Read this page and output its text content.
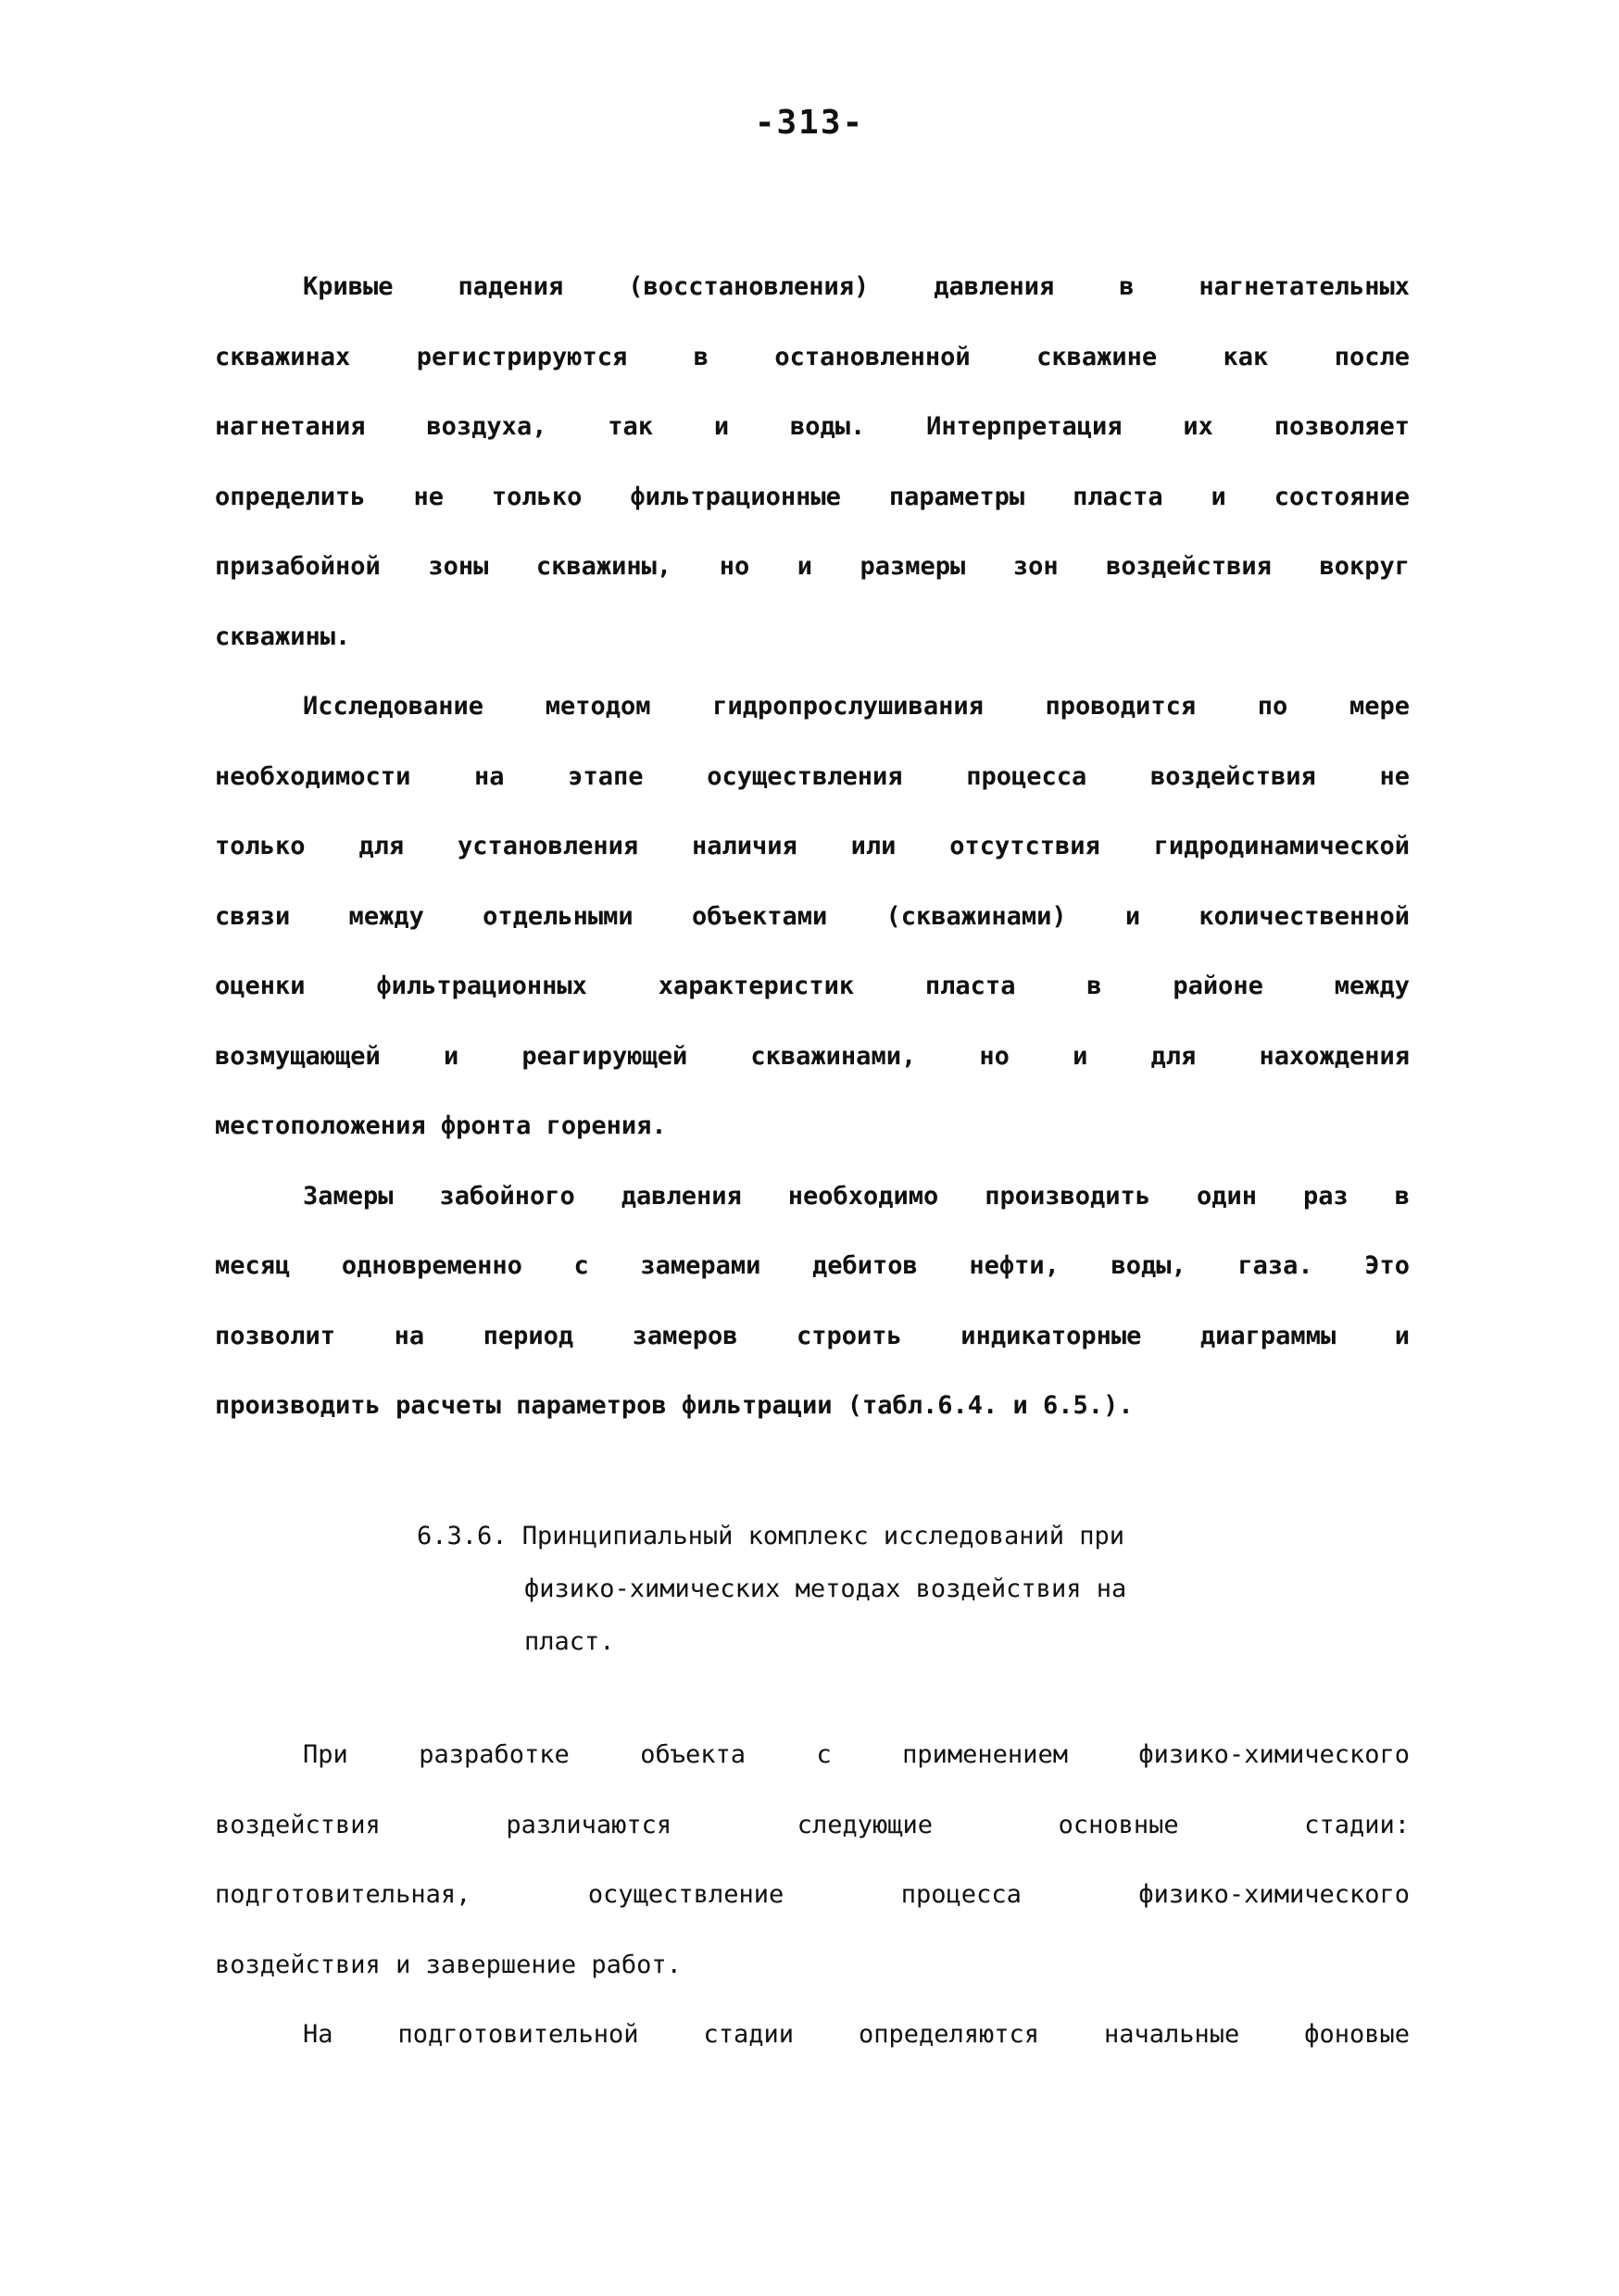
-313-
Кривые падения (восстановления) давления в нагнетательных
скважинах регистрируются в остановленной скважине как после
нагнетания воздуха, так и воды. Интерпретация их позволяет
определить не только фильтрационные параметры пласта и состояние
призабойной зоны скважины, но и размеры зон воздействия вокруг
скважины.
Исследование методом гидропрослушивания проводится по мере
необходимости на этапе осуществления процесса воздействия не
только для установления наличия или отсутствия гидродинамической
связи между отдельными объектами (скважинами) и количественной
оценки фильтрационных характеристик пласта в районе между
возмущающей и реагирующей скважинами, но и для нахождения
местоположения фронта горения.
Замеры забойного давления необходимо производить один раз в
месяц одновременно с замерами дебитов нефти, воды, газа. Это
позволит на период замеров строить индикаторные диаграммы и
производить расчеты параметров фильтрации (табл.6.4. и 6.5.).
6.3.6. Принципиальный комплекс исследований при
физико-химических методах воздействия на
пласт.
При разработке объекта с применением физико-химического
воздействия различаются следующие основные стадии:
подготовительная, осуществление процесса физико-химического
воздействия и завершение работ.
На подготовительной стадии определяются начальные фоновые
